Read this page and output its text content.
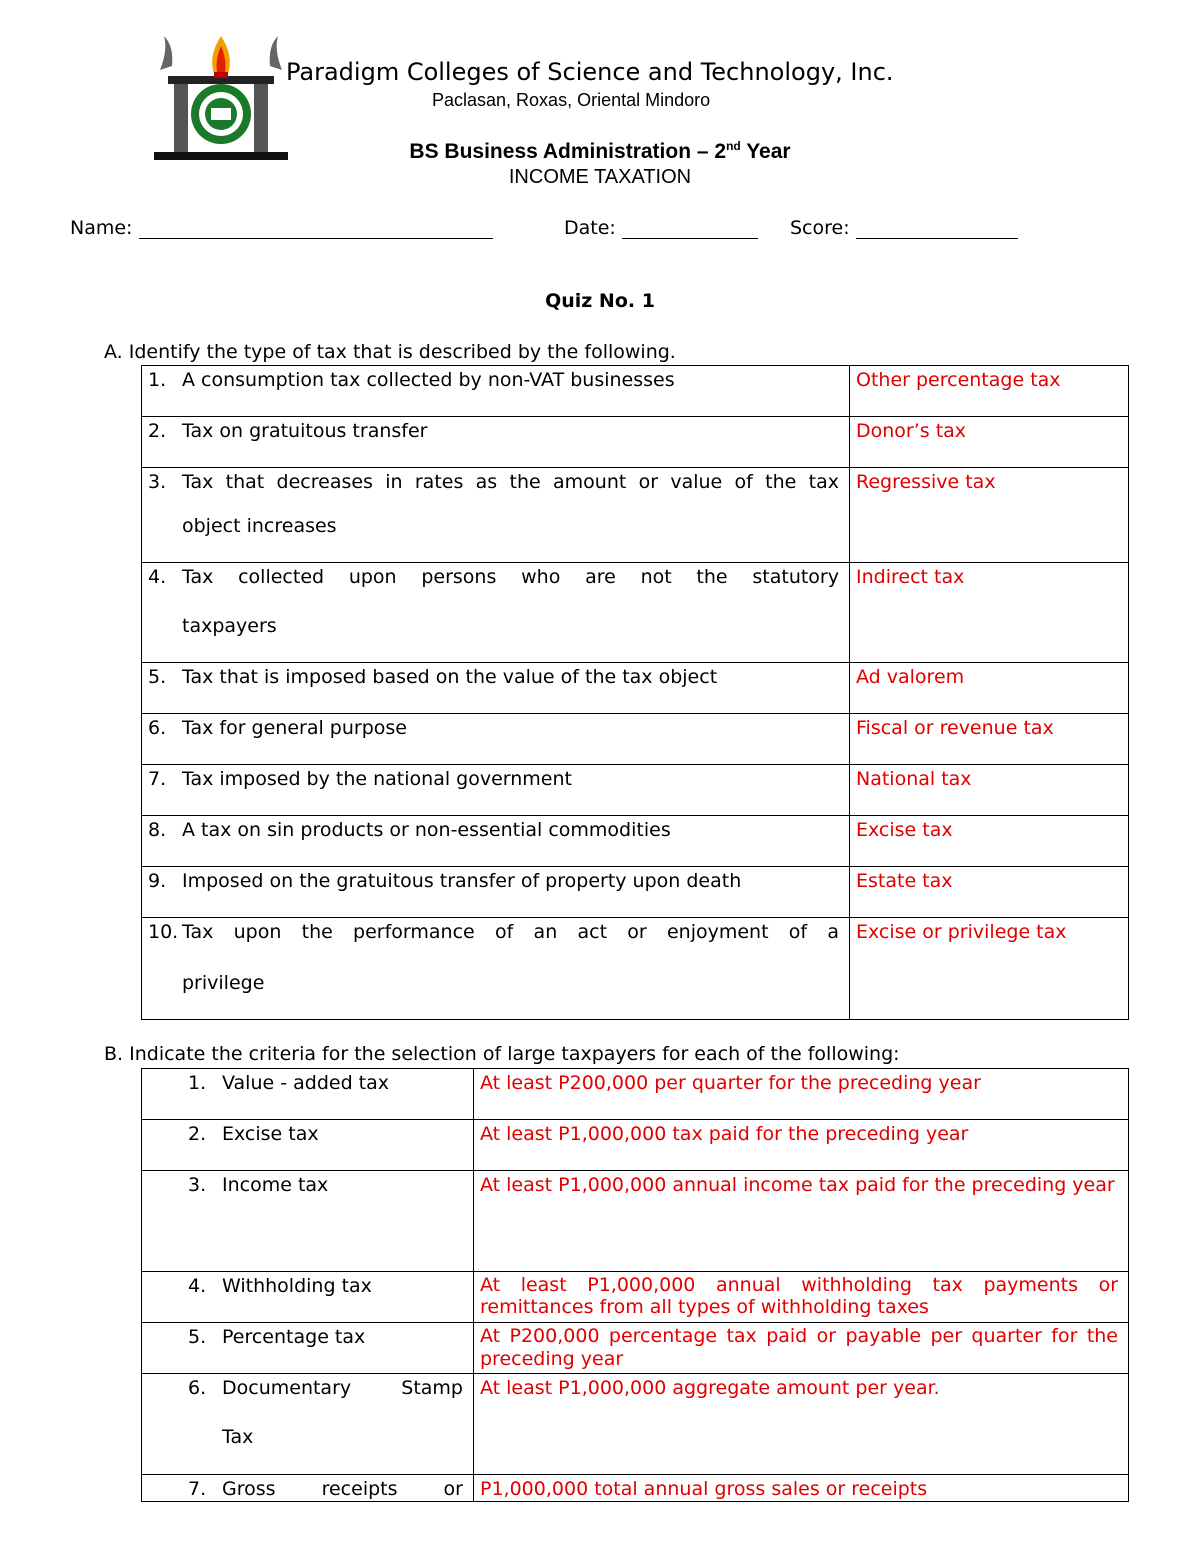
Paradigm Colleges of Science and Technology, Inc.
Paclasan, Roxas, Oriental Mindoro
BS Business Administration – 2nd Year
INCOME TAXATION
Name:	Date:	Score:
Quiz No. 1
A. Identify the type of tax that is described by the following.
1. A consumption tax collected by non-VAT businesses	Other percentage tax
2. Tax on gratuitous transfer	Donor’s tax

3. Tax that decreases in rates as the amount or value of the tax
object increases	Regressive tax

4. Tax collected upon persons who are not the statutory
taxpayers	Indirect tax
5. Tax that is imposed based on the value of the tax object	Ad valorem
6. Tax for general purpose	Fiscal or revenue tax
7. Tax imposed by the national government	National tax
8. A tax on sin products or non-essential commodities	Excise tax
9. Imposed on the gratuitous transfer of property upon death	Estate tax

10. Tax upon the performance of an act or enjoyment of a
privilege	Excise or privilege tax
B. Indicate the criteria for the selection of large taxpayers for each of the following:
1. Value - added tax	At least P200,000 per quarter for the preceding year
2. Excise tax	At least P1,000,000 tax paid for the preceding year
3. Income tax	At least P1,000,000 annual income tax paid for the preceding year

4. Withholding tax	At least P1,000,000 annual withholding tax payments or remittances from all types of withholding taxes
5. Percentage tax	At P200,000 percentage tax paid or payable per quarter for the preceding year

6. Documentary Stamp
Tax	At least P1,000,000 aggregate amount per year.
7. Gross receipts or	P1,000,000 total annual gross sales or receipts
